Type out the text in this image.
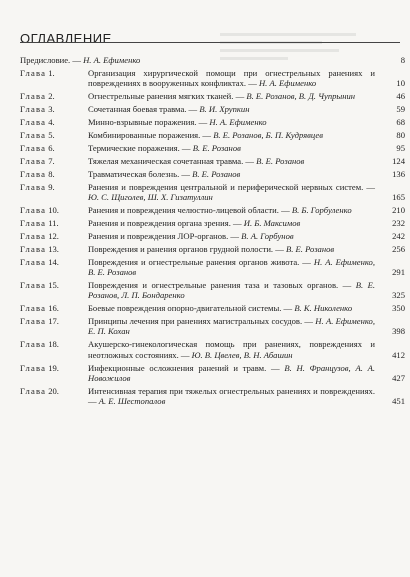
ОГЛАВЛЕНИЕ
Предисловие. — Н. А. Ефименко	8
Глава 1.	Организация хирургической помощи при огнестрельных ранениях и повреждениях в вооруженных конфликтах. — Н. А. Ефименко	10
Глава 2.	Огнестрельные ранения мягких тканей. — В. Е. Розанов, В. Д. Чупрынин	46
Глава 3.	Сочетанная боевая травма. — В. И. Хрупкин	59
Глава 4.	Минно-взрывные поражения. — Н. А. Ефименко	68
Глава 5.	Комбинированные поражения. — В. Е. Розанов, Б. П. Кудрявцев	80
Глава 6.	Термические поражения. — В. Е. Розанов	95
Глава 7.	Тяжелая механическая сочетанная травма. — В. Е. Розанов	124
Глава 8.	Травматическая болезнь. — В. Е. Розанов	136
Глава 9.	Ранения и повреждения центральной и периферической нервных систем. — Ю. С. Щиголев, Ш. Х. Гизатуллин	165
Глава 10.	Ранения и повреждения челюстно-лицевой области. — В. Б. Горбуленко	210
Глава 11.	Ранения и повреждения органа зрения. — И. Б. Максимов	232
Глава 12.	Ранения и повреждения ЛОР-органов. — В. А. Горбунов	242
Глава 13.	Повреждения и ранения органов грудной полости. — В. Е. Розанов	256
Глава 14.	Повреждения и огнестрельные ранения органов живота. — Н. А. Ефименко, В. Е. Розанов	291
Глава 15.	Повреждения и огнестрельные ранения таза и тазовых органов. — В. Е. Розанов, Л. П. Бондаренко	325
Глава 16.	Боевые повреждения опорно-двигательной системы. — В. К. Николенко	350
Глава 17.	Принципы лечения при ранениях магистральных сосудов. — Н. А. Ефименко, Е. П. Кохан	398
Глава 18.	Акушерско-гинекологическая помощь при ранениях, повреждениях и неотложных состояниях. — Ю. В. Цвелев, В. Н. Абашин	412
Глава 19.	Инфекционные осложнения ранений и травм. — В. Н. Французов, А. А. Новожилов	427
Глава 20.	Интенсивная терапия при тяжелых огнестрельных ранениях и повреждениях. — А. Е. Шестопалов	451
